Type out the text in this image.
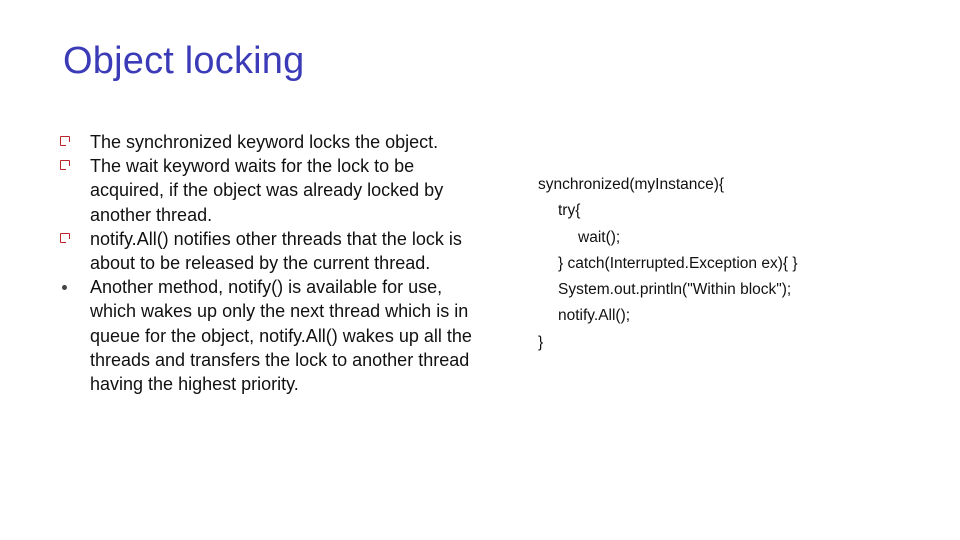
Object locking
The synchronized keyword locks the object.
The wait keyword waits for the lock to be acquired, if the object was already locked by another thread.
notify.All() notifies other threads that the lock is about to be released by the current thread.
Another method, notify() is available for use, which wakes up only the next thread which is in queue for the object, notify.All() wakes up all the threads and transfers the lock to another thread having the highest priority.
synchronized(myInstance){
try{
wait();
} catch(Interrupted.Exception ex){ }
System.out.println("Within block");
notify.All();
}
